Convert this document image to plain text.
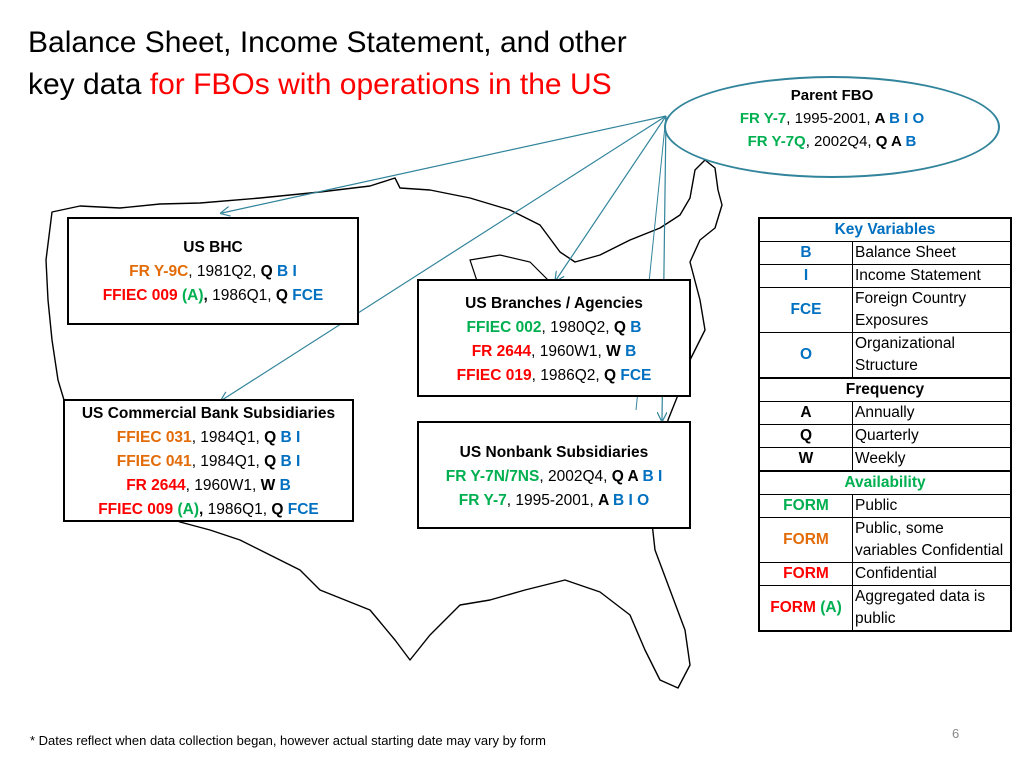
Balance Sheet, Income Statement, and other
key data for FBOs with operations in the US	Parent FBO
FR Y-7, 1995-2001, A B I O
FR Y-7Q, 2002Q4, Q A B
US BHC
FR Y-9C, 1981Q2, Q B I
FFIEC 009 (A), 1986Q1, Q FCE	US Branches / Agencies
FFIEC 002, 1980Q2, Q B
FR 2644, 1960W1, W B
FFIEC 019, 1986Q2, Q FCE
US Commercial Bank Subsidiaries
FFIEC 031, 1984Q1, Q B I
FFIEC 041, 1984Q1, Q B I
FR 2644, 1960W1, W B
FFIEC 009 (A), 1986Q1, Q FCE
US Nonbank Subsidiaries
FR Y-7N/7NS, 2002Q4, Q A B I
FR Y-7, 1995-2001, A B I O
Key Variables	
B	Balance Sheet
I	Income Statement
FCE	Foreign Country Exposures
O	Organizational Structure
Frequency	
A	Annually
Q	Quarterly
W	Weekly
Availability	
FORM	Public
FORM	Public, some variables Confidential
FORM	Confidential
FORM (A)	Aggregated data is public
* Dates reflect when data collection began, however actual starting date may vary by form	6
